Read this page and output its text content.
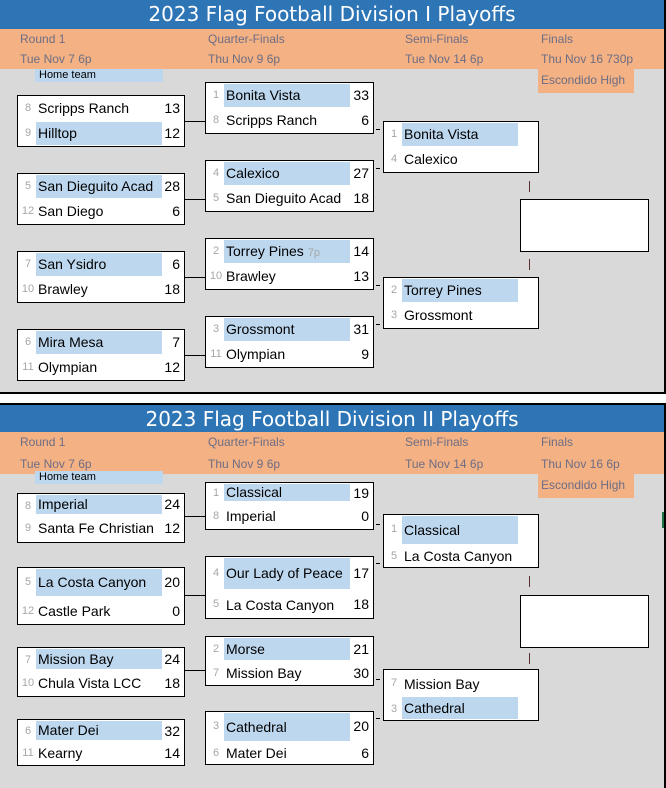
2023 Flag Football Division I Playoffs
Round 1
Tue Nov 7 6p
Quarter-Finals
Thu Nov 9 6p
Semi-Finals
Tue Nov 14 6p
Finals
Thu Nov 16 730p
Escondido High
Home team
8 Scripps Ranch	13
9 Hilltop	12
5 San Dieguito Acad 28
12 San Diego	6
7 San Ysidro	6
10 Brawley	18
6 Mira Mesa	7
11 Olympian	12
1 Bonita Vista	33
8 Scripps Ranch	6
4 Calexico	27
5 San Dieguito Acad 18
2 Torrey Pines 7p	14
10 Brawley	13
3 Grossmont	31
11 Olympian	9
1 Bonita Vista
4 Calexico
2 Torrey Pines
3 Grossmont
2023 Flag Football Division II Playoffs
Round 1
Tue Nov 7 6p
Quarter-Finals
Thu Nov 9 6p
Semi-Finals
Tue Nov 14 6p
Finals
Thu Nov 16 6p
Escondido High
Home team
8 Imperial	24
9 Santa Fe Christian 12
5 La Costa Canyon	20
12 Castle Park	0
7 Mission Bay	24
10 Chula Vista LCC	18
6 Mater Dei	32
11 Kearny	14
1 Classical	19
8 Imperial	0
4 Our Lady of Peace 17
5 La Costa Canyon	18
2 Morse	21
7 Mission Bay	30
3 Cathedral	20
6 Mater Dei	6
1 Classical
5 La Costa Canyon
7 Mission Bay
3 Cathedral
